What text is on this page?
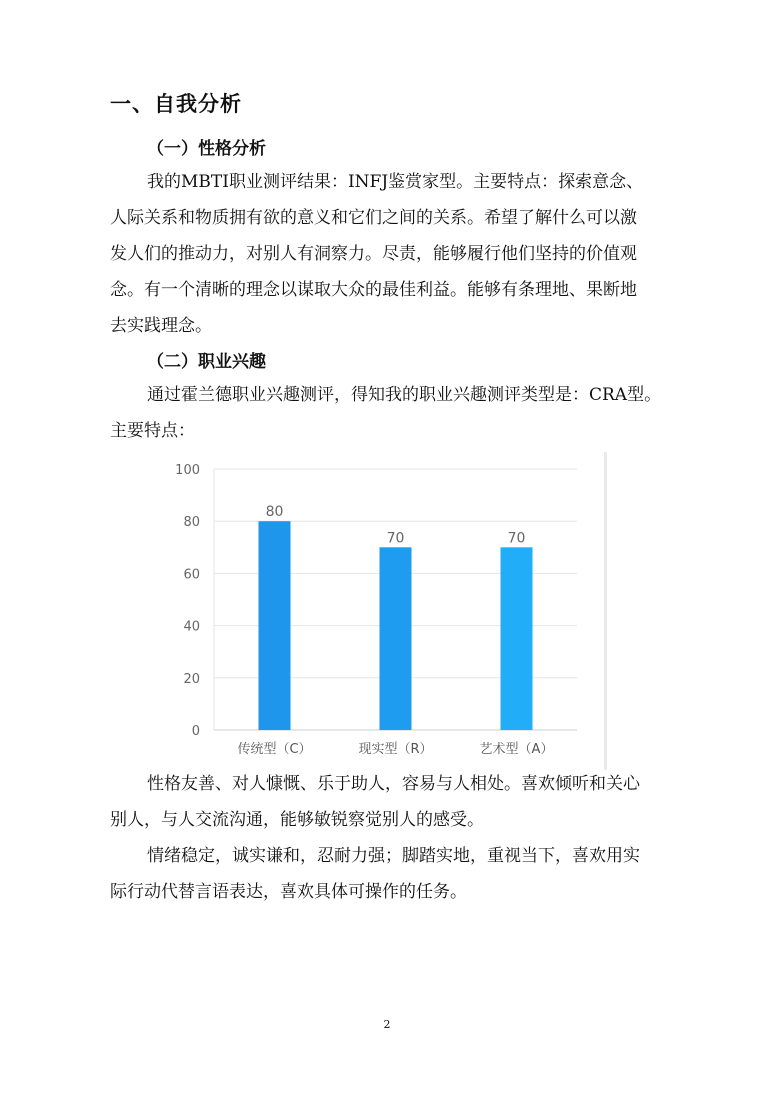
一、自我分析
（一）性格分析
我的MBTI职业测评结果：INFJ鉴赏家型。主要特点：探索意念、
人际关系和物质拥有欲的意义和它们之间的关系。希望了解什么可以激
发人们的推动力，对别人有洞察力。尽责，能够履行他们坚持的价值观
念。有一个清晰的理念以谋取大众的最佳利益。能够有条理地、果断地
去实践理念。
（二）职业兴趣
通过霍兰德职业兴趣测评，得知我的职业兴趣测评类型是：CRA型。
主要特点：
0
20
40
60
80
100
80
70	70
传统型（C）	现实型（R）	艺术型（A）
性格友善、对人慷慨、乐于助人，容易与人相处。喜欢倾听和关心
别人，与人交流沟通，能够敏锐察觉别人的感受。
情绪稳定，诚实谦和，忍耐力强；脚踏实地，重视当下，喜欢用实
际行动代替言语表达，喜欢具体可操作的任务。
2
